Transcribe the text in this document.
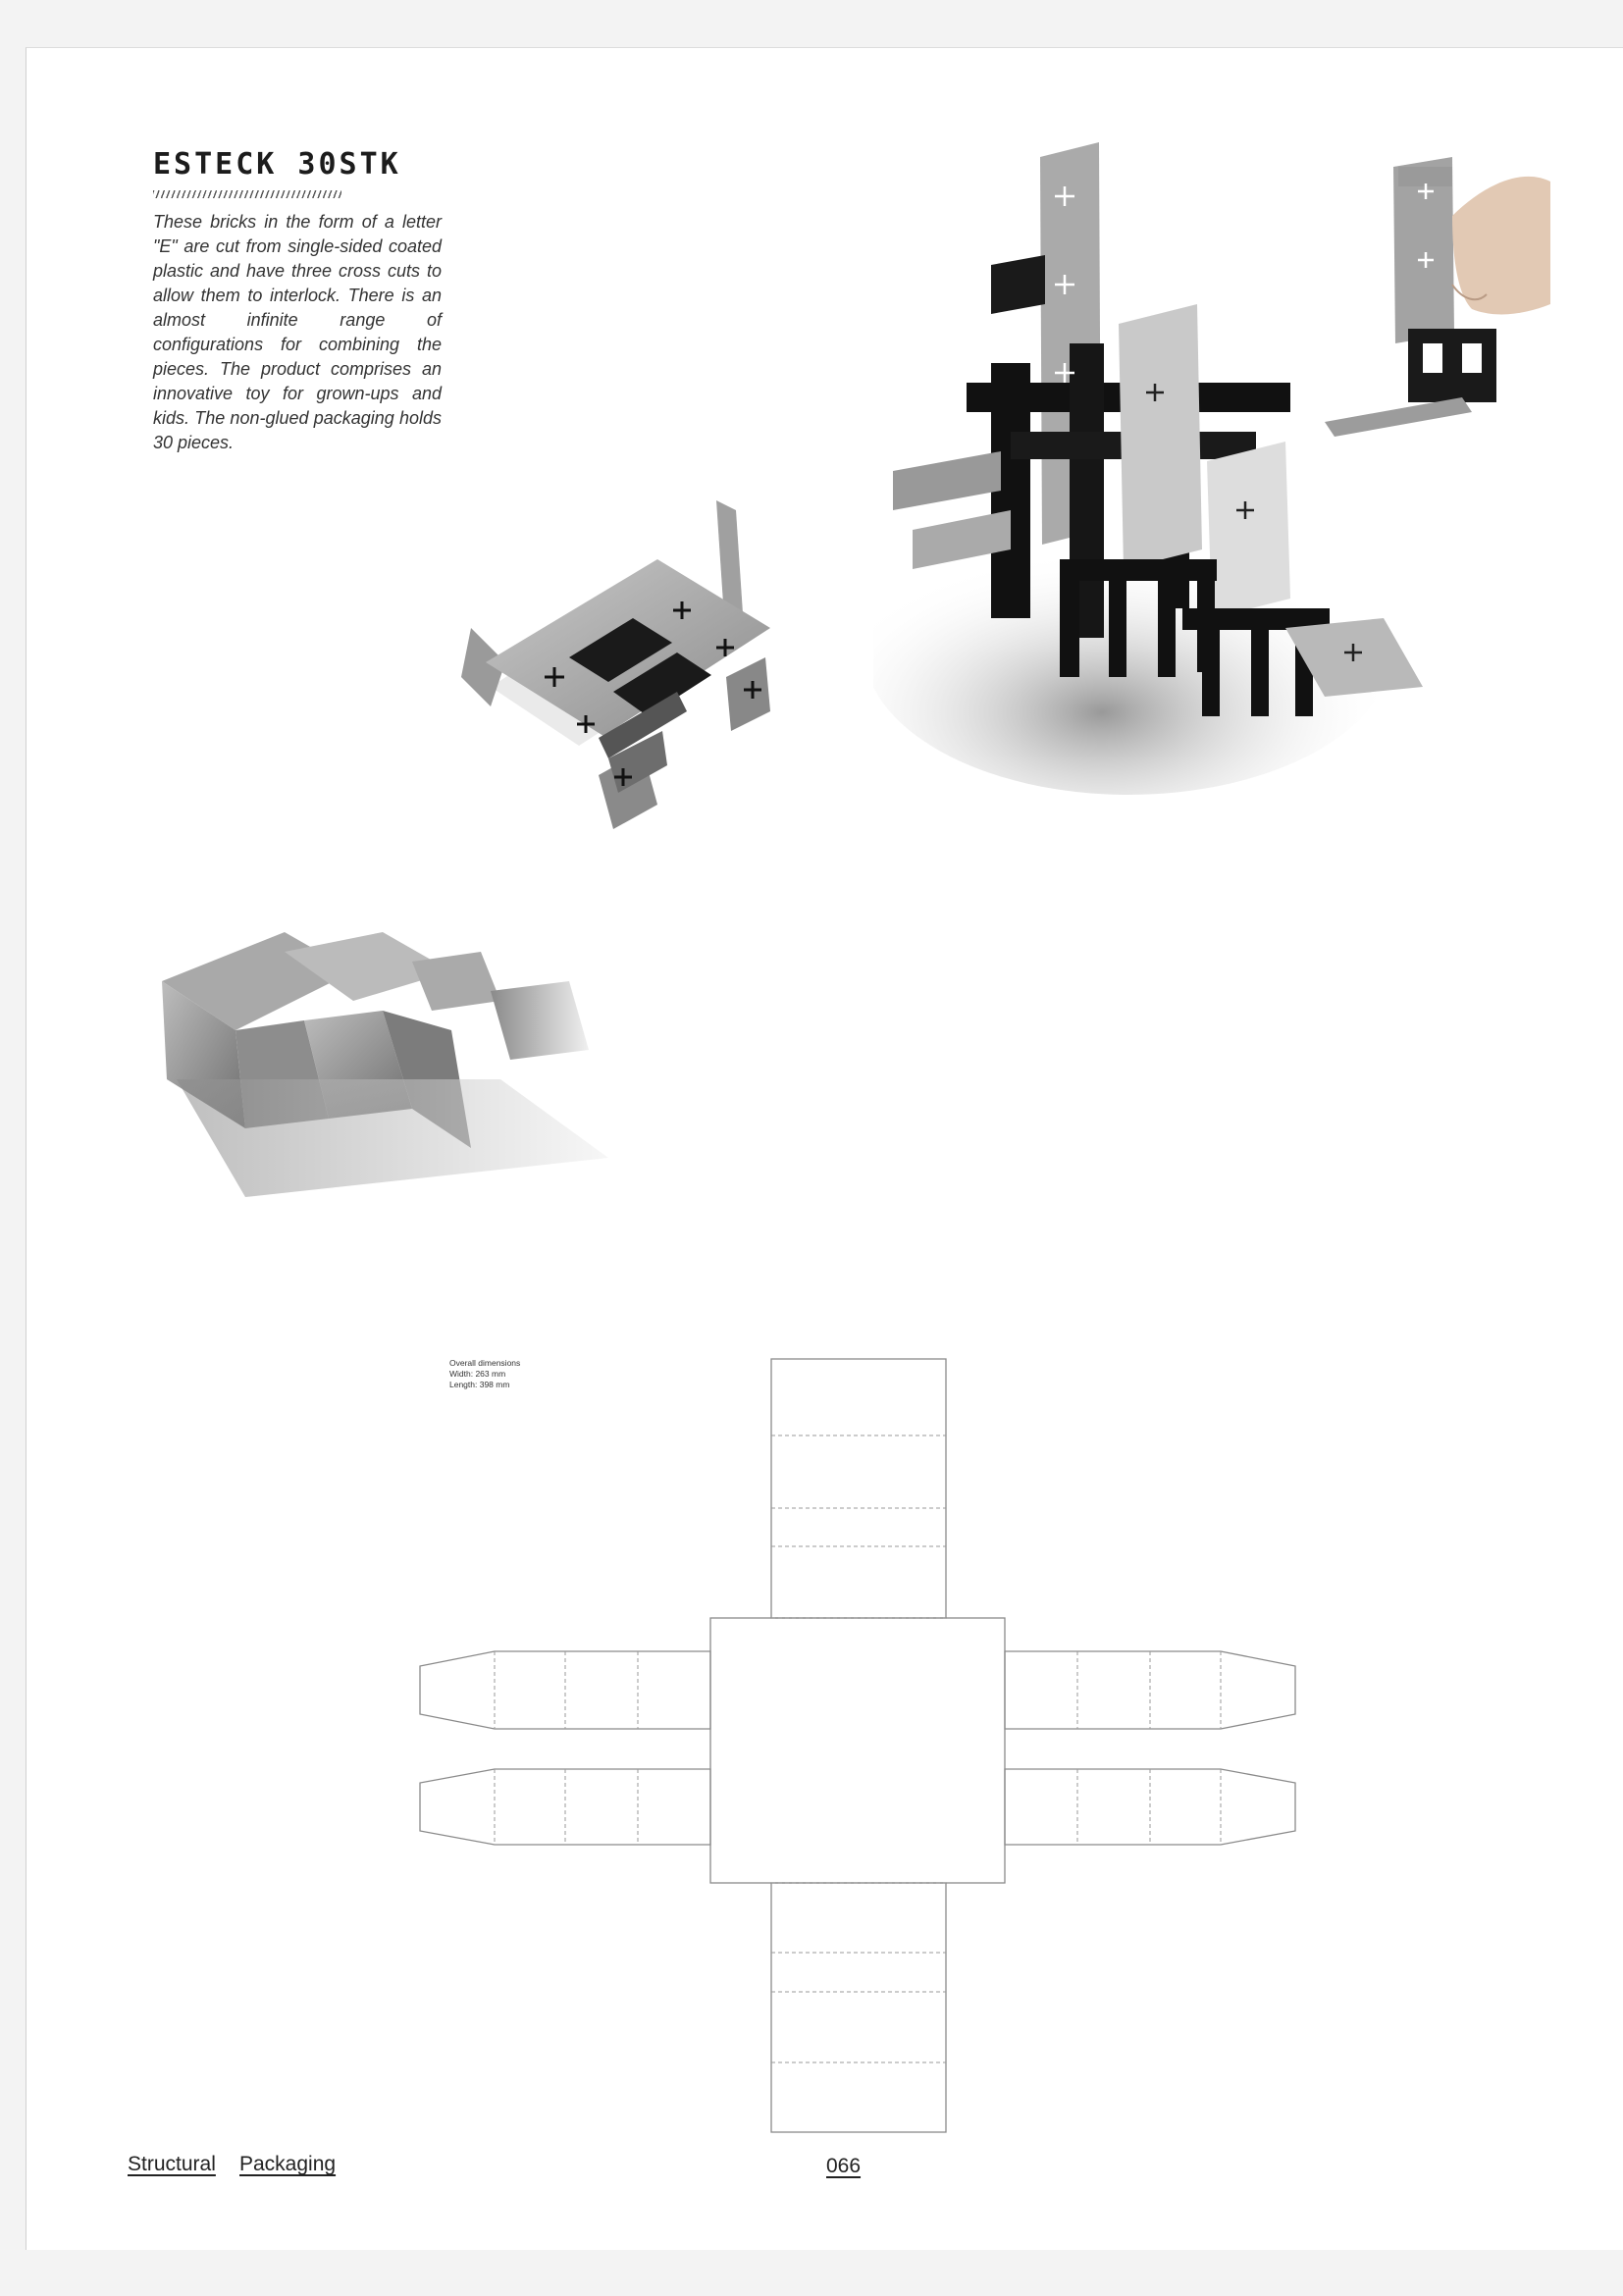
ESTECK 30STK

These bricks in the form of a letter "E" are cut from single-sided coated plastic and have three cross cuts to allow them to interlock. There is an almost infinite range of configurations for combining the pieces. The product comprises an innovative toy for grown-ups and kids. The non-glued packaging holds 30 pieces.

Overall dimensions
Width: 263 mm
Length: 398 mm

Structural Packaging	066
